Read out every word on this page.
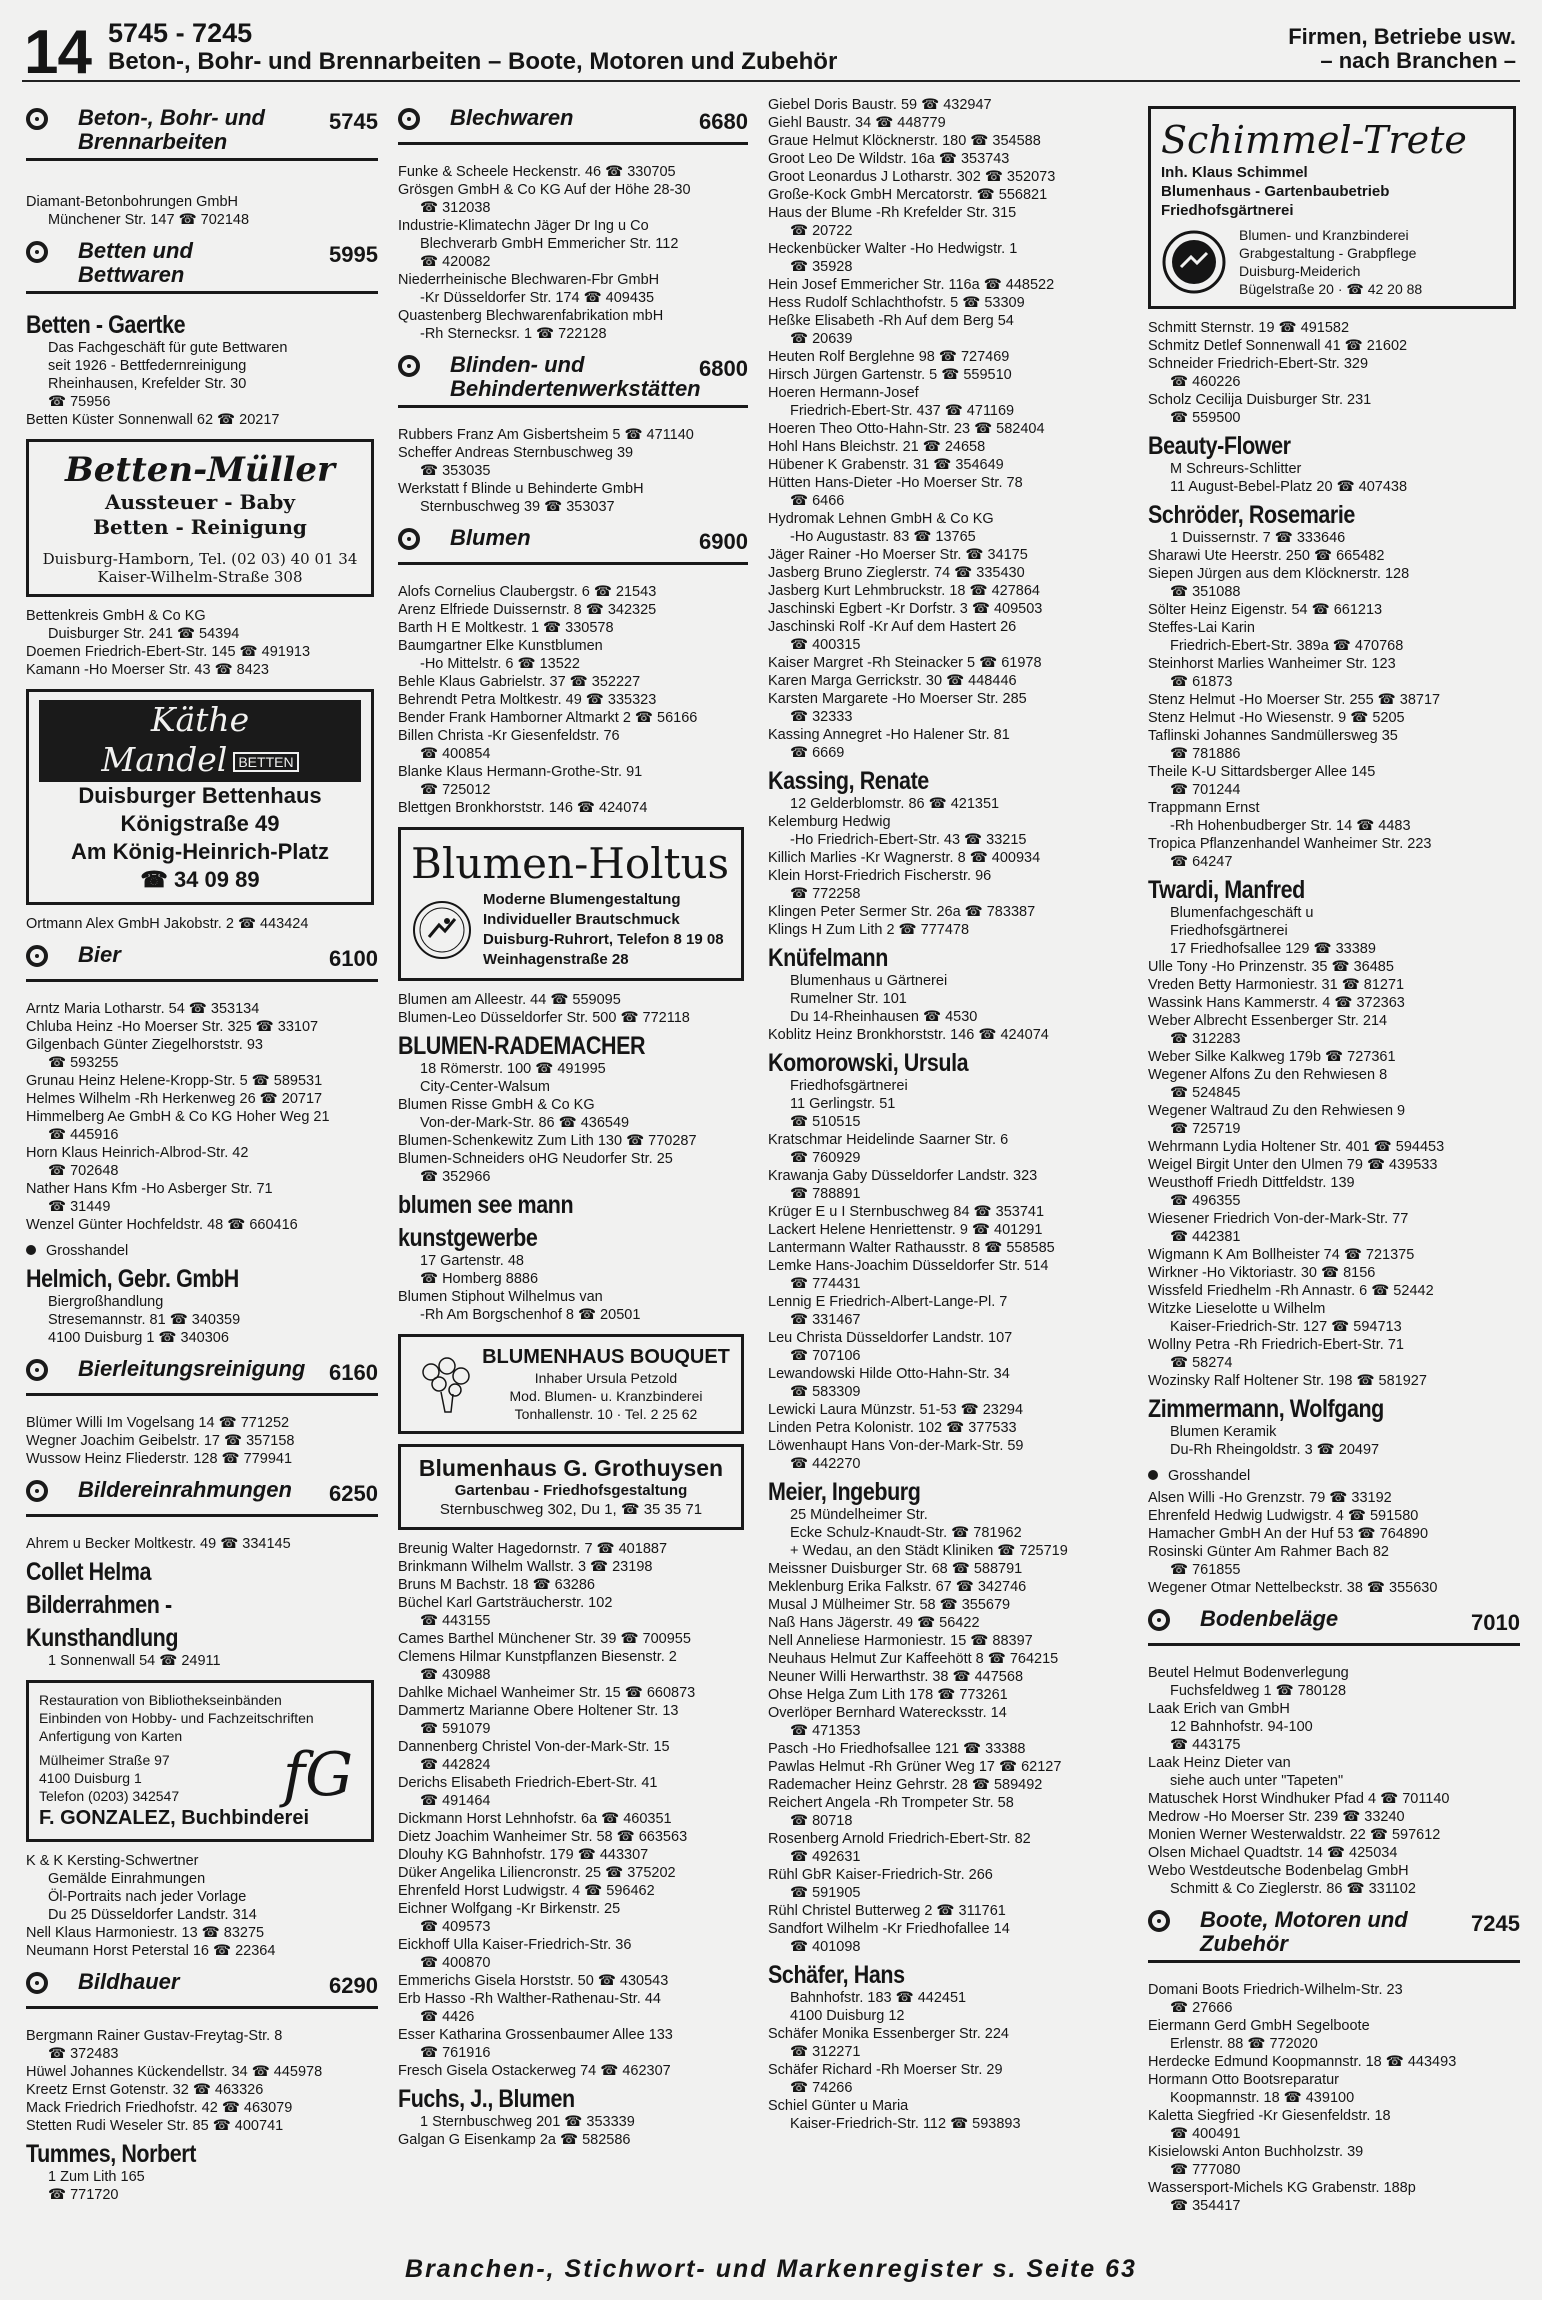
14 5745 - 7245
Beton-, Bohr- und Brennarbeiten – Boote, Motoren und Zubehör
Firmen, Betriebe usw.
– nach Branchen –
Beton-, Bohr- und Brennarbeiten
5745
Diamant-Betonbohrungen GmbH
Münchener Str. 147 ☎ 702148
Betten und Bettwaren
5995
Betten - Gaertke
Das Fachgeschäft für gute Bettwaren
seit 1926 - Bettfedernreinigung
Rheinhausen, Krefelder Str. 30
☎ 75956
Betten Küster Sonnenwall 62 ☎ 20217
Betten-Müller
Aussteuer - Baby
Betten - Reinigung
Duisburg-Hamborn, Tel. (02 03) 40 01 34
Kaiser-Wilhelm-Straße 308
Bettenkreis GmbH & Co KG
Duisburger Str. 241 ☎ 54394
Doemen Friedrich-Ebert-Str. 145 ☎ 491913
Kamann -Ho Moerser Str. 43 ☎ 8423
Käthe Mandel BETTEN
Duisburger Bettenhaus
Königstraße 49
Am König-Heinrich-Platz
☎ 34 09 89
Ortmann Alex GmbH Jakobstr. 2 ☎ 443424
Bier	6100
Arntz Maria Lotharstr. 54 ☎ 353134
Chluba Heinz -Ho Moerser Str. 325 ☎ 33107
Gilgenbach Günter Ziegelhorststr. 93
☎ 593255
Grunau Heinz Helene-Kropp-Str. 5 ☎ 589531
Helmes Wilhelm -Rh Herkenweg 26 ☎ 20717
Himmelberg Ae GmbH & Co KG Hoher Weg 21
☎ 445916
Horn Klaus Heinrich-Albrod-Str. 42
☎ 702648
Nather Hans Kfm -Ho Asberger Str. 71
☎ 31449
Wenzel Günter Hochfeldstr. 48 ☎ 660416
Grosshandel
Helmich, Gebr. GmbH
Biergroßhandlung
Stresemannstr. 81 ☎ 340359
4100 Duisburg 1 ☎ 340306
Bierleitungsreinigung 6160
Blümer Willi Im Vogelsang 14 ☎ 771252
Wegner Joachim Geibelstr. 17 ☎ 357158
Wussow Heinz Fliederstr. 128 ☎ 779941
Bildereinrahmungen 6250
Ahrem u Becker Moltkestr. 49 ☎ 334145
Collet Helma
Bilderrahmen -
Kunsthandlung
1 Sonnenwall 54 ☎ 24911
Restauration von Bibliothekseinbänden
Einbinden von Hobby- und Fachzeitschriften
Anfertigung von Karten
fG
Mülheimer Straße 97
4100 Duisburg 1
Telefon (0203) 342547
F. GONZALEZ, Buchbinderei
K & K Kersting-Schwertner
Gemälde Einrahmungen
Öl-Portraits nach jeder Vorlage
Du 25 Düsseldorfer Landstr. 314
Nell Klaus Harmoniestr. 13 ☎ 83275
Neumann Horst Peterstal 16 ☎ 22364
Bildhauer	6290
Bergmann Rainer Gustav-Freytag-Str. 8
☎ 372483
Hüwel Johannes Kückendellstr. 34 ☎ 445978
Kreetz Ernst Gotenstr. 32 ☎ 463326
Mack Friedrich Friedhofstr. 42 ☎ 463079
Stetten Rudi Weseler Str. 85 ☎ 400741
Tummes, Norbert
1 Zum Lith 165
☎ 771720
Blechwaren	6680
Funke & Scheele Heckenstr. 46 ☎ 330705
Grösgen GmbH & Co KG Auf der Höhe 28-30
☎ 312038
Industrie-Klimatechn Jäger Dr Ing u Co
Blechverarb GmbH Emmericher Str. 112
☎ 420082
Niederrheinische Blechwaren-Fbr GmbH
-Kr Düsseldorfer Str. 174 ☎ 409435
Quastenberg Blechwarenfabrikation mbH
-Rh Sternecksr. 1 ☎ 722128
Blinden- und Behindertenwerkstätten
6800
Rubbers Franz Am Gisbertsheim 5 ☎ 471140
Scheffer Andreas Sternbuschweg 39
☎ 353035
Werkstatt f Blinde u Behinderte GmbH
Sternbuschweg 39 ☎ 353037
Blumen	6900
Alofs Cornelius Claubergstr. 6 ☎ 21543
Arenz Elfriede Duissernstr. 8 ☎ 342325
Barth H E Moltkestr. 1 ☎ 330578
Baumgartner Elke Kunstblumen
-Ho Mittelstr. 6 ☎ 13522
Behle Klaus Gabrielstr. 37 ☎ 352227
Behrendt Petra Moltkestr. 49 ☎ 335323
Bender Frank Hamborner Altmarkt 2 ☎ 56166
Billen Christa -Kr Giesenfeldstr. 76
☎ 400854
Blanke Klaus Hermann-Grothe-Str. 91
☎ 725012
Blettgen Bronkhorststr. 146 ☎ 424074
Blumen-Holtus
Moderne Blumengestaltung
Individueller Brautschmuck
Duisburg-Ruhrort, Telefon 8 19 08
Weinhagenstraße 28
Blumen am Alleestr. 44 ☎ 559095
Blumen-Leo Düsseldorfer Str. 500 ☎ 772118
BLUMEN-RADEMACHER
18 Römerstr. 100 ☎ 491995
City-Center-Walsum
Blumen Risse GmbH & Co KG
Von-der-Mark-Str. 86 ☎ 436549
Blumen-Schenkewitz Zum Lith 130 ☎ 770287
Blumen-Schneiders oHG Neudorfer Str. 25
☎ 352966
blumen see mann
kunstgewerbe
17 Gartenstr. 48
☎ Homberg 8886
Blumen Stiphout Wilhelmus van
-Rh Am Borgschenhof 8 ☎ 20501
BLUMENHAUS BOUQUET
Inhaber Ursula Petzold
Mod. Blumen- u. Kranzbinderei
Tonhallenstr. 10 · Tel. 2 25 62
Blumenhaus G. Grothuysen
Gartenbau - Friedhofsgestaltung
Sternbuschweg 302, Du 1, ☎ 35 35 71
Breunig Walter Hagedornstr. 7 ☎ 401887
Brinkmann Wilhelm Wallstr. 3 ☎ 23198
Bruns M Bachstr. 18 ☎ 63286
Büchel Karl Gartsträucherstr. 102
☎ 443155
Cames Barthel Münchener Str. 39 ☎ 700955
Clemens Hilmar Kunstpflanzen Biesenstr. 2
☎ 430988
Dahlke Michael Wanheimer Str. 15 ☎ 660873
Dammertz Marianne Obere Holtener Str. 13
☎ 591079
Dannenberg Christel Von-der-Mark-Str. 15
☎ 442824
Derichs Elisabeth Friedrich-Ebert-Str. 41
☎ 491464
Dickmann Horst Lehnhofstr. 6a ☎ 460351
Dietz Joachim Wanheimer Str. 58 ☎ 663563
Dlouhy KG Bahnhofstr. 179 ☎ 443307
Düker Angelika Liliencronstr. 25 ☎ 375202
Ehrenfeld Horst Ludwigstr. 4 ☎ 596462
Eichner Wolfgang -Kr Birkenstr. 25
☎ 409573
Eickhoff Ulla Kaiser-Friedrich-Str. 36
☎ 400870
Emmerichs Gisela Horststr. 50 ☎ 430543
Erb Hasso -Rh Walther-Rathenau-Str. 44
☎ 4426
Esser Katharina Grossenbaumer Allee 133
☎ 761916
Fresch Gisela Ostackerweg 74 ☎ 462307
Fuchs, J., Blumen
1 Sternbuschweg 201 ☎ 353339
Galgan G Eisenkamp 2a ☎ 582586
Giebel Doris Baustr. 59 ☎ 432947
Giehl Baustr. 34 ☎ 448779
Graue Helmut Klöcknerstr. 180 ☎ 354588
Groot Leo De Wildstr. 16a ☎ 353743
Groot Leonardus J Lotharstr. 302 ☎ 352073
Große-Kock GmbH Mercatorstr. ☎ 556821
Haus der Blume -Rh Krefelder Str. 315
☎ 20722
Heckenbücker Walter -Ho Hedwigstr. 1
☎ 35928
Hein Josef Emmericher Str. 116a ☎ 448522
Hess Rudolf Schlachthofstr. 5 ☎ 53309
Heßke Elisabeth -Rh Auf dem Berg 54
☎ 20639
Heuten Rolf Berglehne 98 ☎ 727469
Hirsch Jürgen Gartenstr. 5 ☎ 559510
Hoeren Hermann-Josef
Friedrich-Ebert-Str. 437 ☎ 471169
Hoeren Theo Otto-Hahn-Str. 23 ☎ 582404
Hohl Hans Bleichstr. 21 ☎ 24658
Hübener K Grabenstr. 31 ☎ 354649
Hütten Hans-Dieter -Ho Moerser Str. 78
☎ 6466
Hydromak Lehnen GmbH & Co KG
-Ho Augustastr. 83 ☎ 13765
Jäger Rainer -Ho Moerser Str. ☎ 34175
Jasberg Bruno Zieglerstr. 74 ☎ 335430
Jasberg Kurt Lehmbruckstr. 18 ☎ 427864
Jaschinski Egbert -Kr Dorfstr. 3 ☎ 409503
Jaschinski Rolf -Kr Auf dem Hastert 26
☎ 400315
Kaiser Margret -Rh Steinacker 5 ☎ 61978
Karen Marga Gerrickstr. 30 ☎ 448446
Karsten Margarete -Ho Moerser Str. 285
☎ 32333
Kassing Annegret -Ho Halener Str. 81
☎ 6669
Kassing, Renate
12 Gelderblomstr. 86 ☎ 421351
Kelemburg Hedwig
-Ho Friedrich-Ebert-Str. 43 ☎ 33215
Killich Marlies -Kr Wagnerstr. 8 ☎ 400934
Klein Horst-Friedrich Fischerstr. 96
☎ 772258
Klingen Peter Sermer Str. 26a ☎ 783387
Klings H Zum Lith 2 ☎ 777478
Knüfelmann
Blumenhaus u Gärtnerei
Rumelner Str. 101
Du 14-Rheinhausen ☎ 4530
Koblitz Heinz Bronkhorststr. 146 ☎ 424074
Komorowski, Ursula
Friedhofsgärtnerei
11 Gerlingstr. 51
☎ 510515
Kratschmar Heidelinde Saarner Str. 6
☎ 760929
Krawanja Gaby Düsseldorfer Landstr. 323
☎ 788891
Krüger E u I Sternbuschweg 84 ☎ 353741
Lackert Helene Henriettenstr. 9 ☎ 401291
Lantermann Walter Rathausstr. 8 ☎ 558585
Lemke Hans-Joachim Düsseldorfer Str. 514
☎ 774431
Lennig E Friedrich-Albert-Lange-Pl. 7
☎ 331467
Leu Christa Düsseldorfer Landstr. 107
☎ 707106
Lewandowski Hilde Otto-Hahn-Str. 34
☎ 583309
Lewicki Laura Münzstr. 51-53 ☎ 23294
Linden Petra Kolonistr. 102 ☎ 377533
Löwenhaupt Hans Von-der-Mark-Str. 59
☎ 442270
Meier, Ingeburg
25 Mündelheimer Str.
Ecke Schulz-Knaudt-Str. ☎ 781962
+ Wedau, an den Städt Kliniken ☎ 725719
Meissner Duisburger Str. 68 ☎ 588791
Meklenburg Erika Falkstr. 67 ☎ 342746
Musal J Mülheimer Str. 58 ☎ 355679
Naß Hans Jägerstr. 49 ☎ 56422
Nell Anneliese Harmoniestr. 15 ☎ 88397
Neuhaus Helmut Zur Kaffeehött 8 ☎ 764215
Neuner Willi Herwarthstr. 38 ☎ 447568
Ohse Helga Zum Lith 178 ☎ 773261
Overlöper Bernhard Waterecksstr. 14
☎ 471353
Pasch -Ho Friedhofsallee 121 ☎ 33388
Pawlas Helmut -Rh Grüner Weg 17 ☎ 62127
Rademacher Heinz Gehrstr. 28 ☎ 589492
Reichert Angela -Rh Trompeter Str. 58
☎ 80718
Rosenberg Arnold Friedrich-Ebert-Str. 82
☎ 492631
Rühl GbR Kaiser-Friedrich-Str. 266
☎ 591905
Rühl Christel Butterweg 2 ☎ 311761
Sandfort Wilhelm -Kr Friedhofallee 14
☎ 401098
Schäfer, Hans
Bahnhofstr. 183 ☎ 442451
4100 Duisburg 12
Schäfer Monika Essenberger Str. 224
☎ 312271
Schäfer Richard -Rh Moerser Str. 29
☎ 74266
Schiel Günter u Maria
Kaiser-Friedrich-Str. 112 ☎ 593893
Schimmel-Trete
Inh. Klaus Schimmel
Blumenhaus - Gartenbaubetrieb
Friedhofsgärtnerei
Blumen- und Kranzbinderei
Grabgestaltung - Grabpflege
Duisburg-Meiderich
Bügelstraße 20 · ☎ 42 20 88
Schmitt Sternstr. 19 ☎ 491582
Schmitz Detlef Sonnenwall 41 ☎ 21602
Schneider Friedrich-Ebert-Str. 329
☎ 460226
Scholz Cecilija Duisburger Str. 231
☎ 559500
Beauty-Flower
M Schreurs-Schlitter
11 August-Bebel-Platz 20 ☎ 407438
Schröder, Rosemarie
1 Duissernstr. 7 ☎ 333646
Sharawi Ute Heerstr. 250 ☎ 665482
Siepen Jürgen aus dem Klöcknerstr. 128
☎ 351088
Sölter Heinz Eigenstr. 54 ☎ 661213
Steffes-Lai Karin
Friedrich-Ebert-Str. 389a ☎ 470768
Steinhorst Marlies Wanheimer Str. 123
☎ 61873
Stenz Helmut -Ho Moerser Str. 255 ☎ 38717
Stenz Helmut -Ho Wiesenstr. 9 ☎ 5205
Taflinski Johannes Sandmüllersweg 35
☎ 781886
Theile K-U Sittardsberger Allee 145
☎ 701244
Trappmann Ernst
-Rh Hohenbudberger Str. 14 ☎ 4483
Tropica Pflanzenhandel Wanheimer Str. 223
☎ 64247
Twardi, Manfred
Blumenfachgeschäft u
Friedhofsgärtnerei
17 Friedhofsallee 129 ☎ 33389
Ulle Tony -Ho Prinzenstr. 35 ☎ 36485
Vreden Betty Harmoniestr. 31 ☎ 81271
Wassink Hans Kammerstr. 4 ☎ 372363
Weber Albrecht Essenberger Str. 214
☎ 312283
Weber Silke Kalkweg 179b ☎ 727361
Wegener Alfons Zu den Rehwiesen 8
☎ 524845
Wegener Waltraud Zu den Rehwiesen 9
☎ 725719
Wehrmann Lydia Holtener Str. 401 ☎ 594453
Weigel Birgit Unter den Ulmen 79 ☎ 439533
Weusthoff Friedh Dittfeldstr. 139
☎ 496355
Wiesener Friedrich Von-der-Mark-Str. 77
☎ 442381
Wigmann K Am Bollheister 74 ☎ 721375
Wirkner -Ho Viktoriastr. 30 ☎ 8156
Wissfeld Friedhelm -Rh Annastr. 6 ☎ 52442
Witzke Lieselotte u Wilhelm
Kaiser-Friedrich-Str. 127 ☎ 594713
Wollny Petra -Rh Friedrich-Ebert-Str. 71
☎ 58274
Wozinsky Ralf Holtener Str. 198 ☎ 581927
Zimmermann, Wolfgang
Blumen Keramik
Du-Rh Rheingoldstr. 3 ☎ 20497
Grosshandel
Alsen Willi -Ho Grenzstr. 79 ☎ 33192
Ehrenfeld Hedwig Ludwigstr. 4 ☎ 591580
Hamacher GmbH An der Huf 53 ☎ 764890
Rosinski Günter Am Rahmer Bach 82
☎ 761855
Wegener Otmar Nettelbeckstr. 38 ☎ 355630
Bodenbeläge	7010
Beutel Helmut Bodenverlegung
Fuchsfeldweg 1 ☎ 780128
Laak Erich van GmbH
12 Bahnhofstr. 94-100
☎ 443175
Laak Heinz Dieter van
siehe auch unter "Tapeten"
Matuschek Horst Windhuker Pfad 4 ☎ 701140
Medrow -Ho Moerser Str. 239 ☎ 33240
Monien Werner Westerwaldstr. 22 ☎ 597612
Olsen Michael Quadtstr. 14 ☎ 425034
Webo Westdeutsche Bodenbelag GmbH
Schmitt & Co Zieglerstr. 86 ☎ 331102
Boote, Motoren und Zubehör
7245
Domani Boots Friedrich-Wilhelm-Str. 23
☎ 27666
Eiermann Gerd GmbH Segelboote
Erlenstr. 88 ☎ 772020
Herdecke Edmund Koopmannstr. 18 ☎ 443493
Hormann Otto Bootsreparatur
Koopmannstr. 18 ☎ 439100
Kaletta Siegfried -Kr Giesenfeldstr. 18
☎ 400491
Kisielowski Anton Buchholzstr. 39
☎ 777080
Wassersport-Michels KG Grabenstr. 188p
☎ 354417
Branchen-, Stichwort- und Markenregister s. Seite 63
